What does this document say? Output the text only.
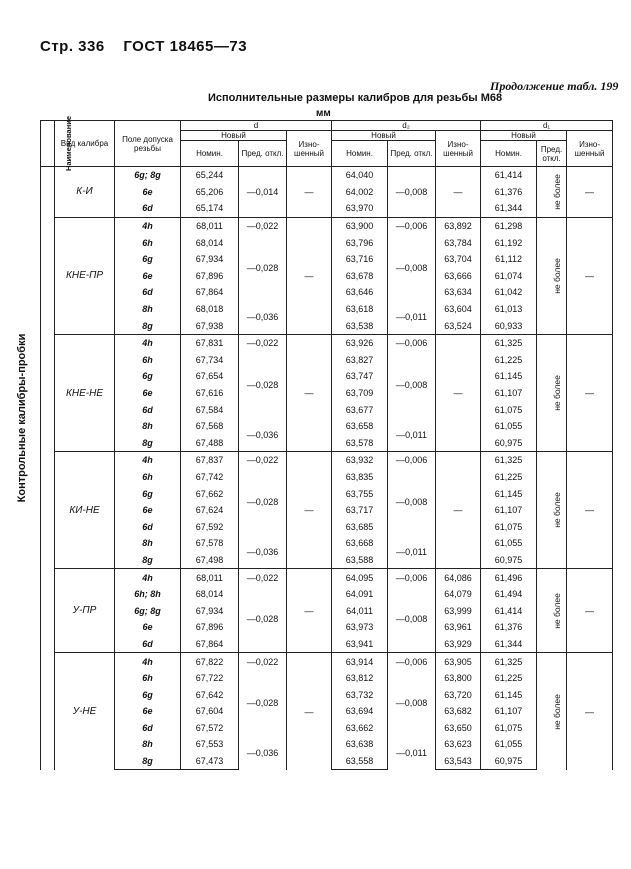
Стр. 336 ГОСТ 18465—73
Продолжение табл. 199
Исполнительные размеры калибров для резьбы М68
мм
Контрольные калибры-пробки
Наименование	Вид калибра	Поле допуска резьбы	d			d₂			d₁		
			Новый		Изно-шенный	Новый		Изно-шенный	Новый		Изно-шенный
			Номин.	Пред. откл.		Номин.	Пред. откл.		Номин.	Пред. откл.	
	К-И	6g; 8g	65,244	—0,014	—	64,040	—0,008	—	61,414	не более	—
		6e	65,206			64,002			61,376		
		6d	65,174			63,970			61,344		
	КНЕ-ПР	4h	68,011	—0,022	—	63,900	—0,006	63,892	61,298	не более	—
		6h	68,014	—0,028		63,796	—0,008	63,784	61,192		
		6g	67,934			63,716		63,704	61,112		
		6e	67,896			63,678		63,666	61,074		
		6d	67,864			63,646		63,634	61,042		
		8h	68,018	—0,036		63,618	—0,011	63,604	61,013		
		8g	67,938			63,538		63,524	60,933		
	КНЕ-НЕ	4h	67,831	—0,022	—	63,926	—0,006	—	61,325	не более	—
		6h	67,734	—0,028		63,827	—0,008		61,225		
		6g	67,654			63,747			61,145		
		6e	67,616			63,709			61,107		
		6d	67,584			63,677			61,075		
		8h	67,568	—0,036		63,658	—0,011		61,055		
		8g	67,488			63,578			60,975		
	КИ-НЕ	4h	67,837	—0,022	—	63,932	—0,006	—	61,325	не более	—
		6h	67,742	—0,028		63,835	—0,008		61,225		
		6g	67,662			63,755			61,145		
		6e	67,624			63,717			61,107		
		6d	67,592			63,685			61,075		
		8h	67,578	—0,036		63,668	—0,011		61,055		
		8g	67,498			63,588			60,975		
	У-ПР	4h	68,011	—0,022	—	64,095	—0,006	64,086	61,496	не более	—
		6h; 8h	68,014	—0,028		64,091	—0,008	64,079	61,494		
		6g; 8g	67,934			64,011		63,999	61,414		
		6e	67,896			63,973		63,961	61,376		
		6d	67,864			63,941		63,929	61,344		
	У-НЕ	4h	67,822	—0,022	—	63,914	—0,006	63,905	61,325	не более	—
		6h	67,722	—0,028		63,812	—0,008	63,800	61,225		
		6g	67,642			63,732		63,720	61,145		
		6e	67,604			63,694		63,682	61,107		
		6d	67,572			63,662		63,650	61,075		
		8h	67,553	—0,036		63,638	—0,011	63,623	61,055		
		8g	67,473			63,558		63,543	60,975		
